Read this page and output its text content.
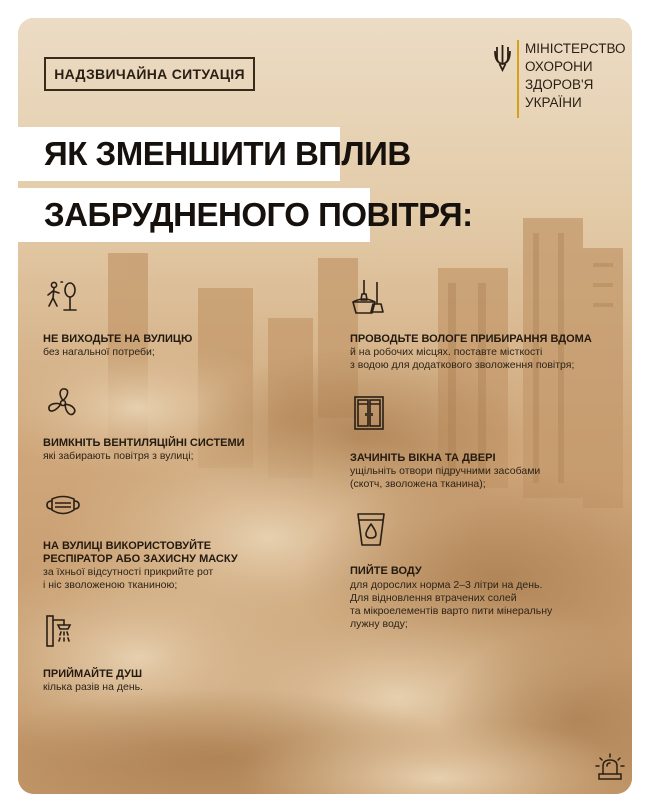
НАДЗВИЧАЙНА СИТУАЦІЯ
МІНІСТЕРСТВО
ОХОРОНИ
ЗДОРОВ'Я
УКРАЇНИ
ЯК ЗМЕНШИТИ ВПЛИВ
ЗАБРУДНЕНОГО ПОВІТРЯ:
НЕ ВИХОДЬТЕ НА ВУЛИЦЮ
без нагальної потреби;
ВИМКНІТЬ ВЕНТИЛЯЦІЙНІ СИСТЕМИ
які забирають повітря з вулиці;
НА ВУЛИЦІ ВИКОРИСТОВУЙТЕ
РЕСПІРАТОР АБО ЗАХИСНУ МАСКУ
за їхньої відсутності прикрийте рот
і ніс зволоженою тканиною;
ПРИЙМАЙТЕ ДУШ
кілька разів на день.
ПРОВОДЬТЕ ВОЛОГЕ ПРИБИРАННЯ ВДОМА
й на робочих місцях. поставте місткості
з водою для додаткового зволоження повітря;
ЗАЧИНІТЬ ВІКНА ТА ДВЕРІ
ущільніть отвори підручними засобами
(скотч, зволожена тканина);
ПИЙТЕ ВОДУ
для дорослих норма 2–3 літри на день.
Для відновлення втрачених солей
та мікроелементів варто пити мінеральну
лужну воду;
